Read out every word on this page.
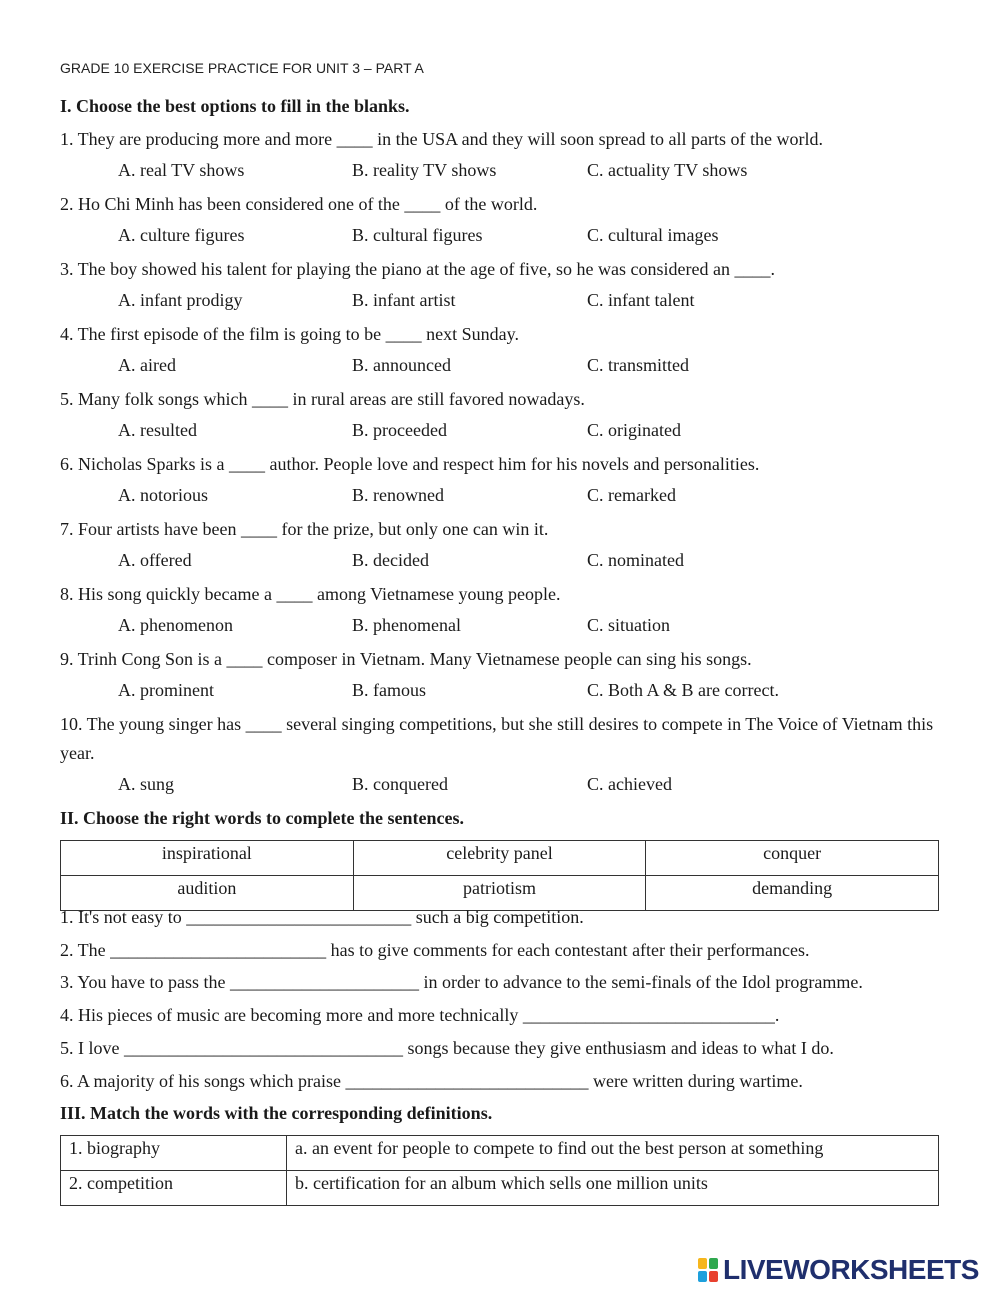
GRADE 10 EXERCISE PRACTICE FOR UNIT 3 – PART A
I. Choose the best options to fill in the blanks.
1. They are producing more and more ____ in the USA and they will soon spread to all parts of the world.
A. real TV shows	B. reality TV shows	C. actuality TV shows
2. Ho Chi Minh has been considered one of the ____ of the world.
A. culture figures	B. cultural figures	C. cultural images
3. The boy showed his talent for playing the piano at the age of five, so he was considered an ____.
A. infant prodigy	B. infant artist	C. infant talent
4. The first episode of the film is going to be ____ next Sunday.
A. aired	B. announced	C. transmitted
5. Many folk songs which ____ in rural areas are still favored nowadays.
A. resulted	B. proceeded	C. originated
6. Nicholas Sparks is a ____ author. People love and respect him for his novels and personalities.
A. notorious	B. renowned	C. remarked
7. Four artists have been ____ for the prize, but only one can win it.
A. offered	B. decided	C. nominated
8. His song quickly became a ____ among Vietnamese young people.
A. phenomenon	B. phenomenal	C. situation
9. Trinh Cong Son is a ____ composer in Vietnam. Many Vietnamese people can sing his songs.
A. prominent	B. famous	C. Both A & B are correct.
10. The young singer has ____ several singing competitions, but she still desires to compete in The Voice of Vietnam this year.
A. sung	B. conquered	C. achieved
II. Choose the right words to complete the sentences.
inspirational	celebrity panel	conquer
audition	patriotism	demanding
1. It's not easy to _________________________ such a big competition.
2. The ________________________ has to give comments for each contestant after their performances.
3. You have to pass the _____________________ in order to advance to the semi-finals of the Idol programme.
4. His pieces of music are becoming more and more technically ____________________________.
5. I love _______________________________ songs because they give enthusiasm and ideas to what I do.
6. A majority of his songs which praise ___________________________ were written during wartime.
III. Match the words with the corresponding definitions.
1. biography	a. an event for people to compete to find out the best person at something
2. competition	b. certification for an album which sells one million units
LIVEWORKSHEETS
